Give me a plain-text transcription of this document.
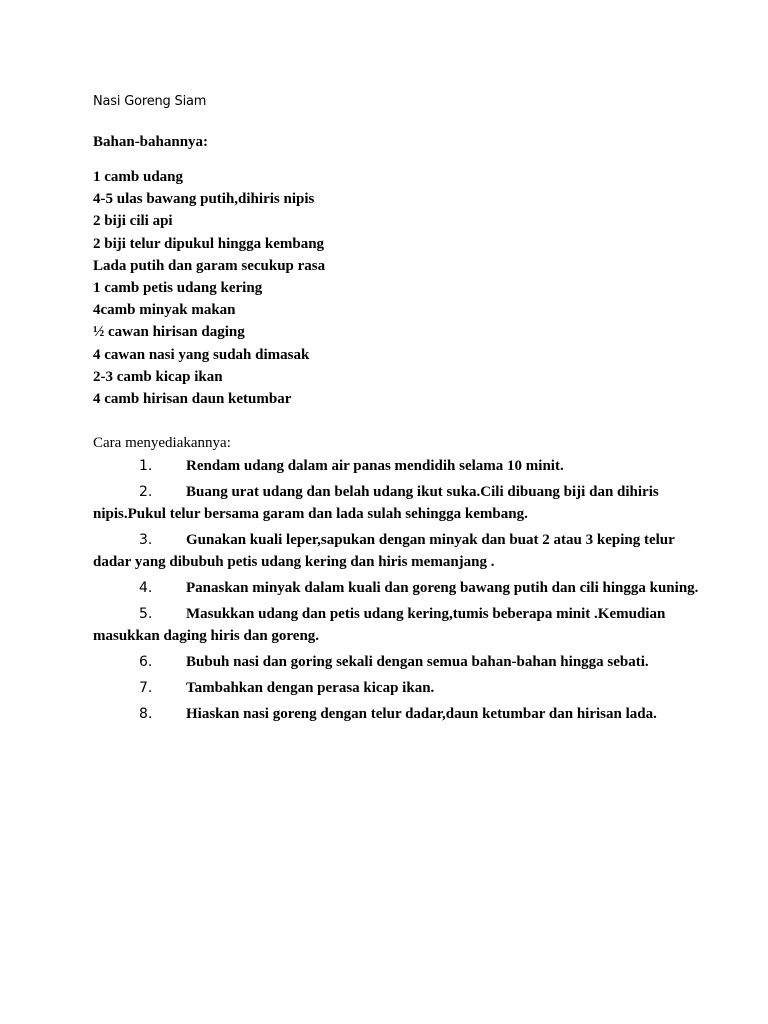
Nasi Goreng Siam
Bahan-bahannya:
1 camb udang
4-5 ulas bawang putih,dihiris nipis
2 biji cili api
2 biji telur dipukul hingga kembang
Lada putih dan garam secukup rasa
1 camb petis udang kering
4camb minyak makan
½ cawan hirisan daging
4 cawan nasi yang sudah dimasak
2-3 camb kicap ikan
4 camb hirisan daun ketumbar
Cara menyediakannya:
1. Rendam udang dalam air panas mendidih selama 10 minit.
2. Buang urat udang dan belah udang ikut suka.Cili dibuang biji dan dihiris nipis.Pukul telur bersama garam dan lada sulah sehingga kembang.
3. Gunakan kuali leper,sapukan dengan minyak dan buat 2 atau 3 keping telur dadar yang dibubuh petis udang kering dan hiris memanjang .
4. Panaskan minyak dalam kuali dan goreng bawang putih dan cili hingga kuning.
5. Masukkan udang dan petis udang kering,tumis beberapa minit .Kemudian masukkan daging hiris dan goreng.
6. Bubuh nasi dan goring sekali dengan semua bahan-bahan hingga sebati.
7. Tambahkan dengan perasa kicap ikan.
8. Hiaskan nasi goreng dengan telur dadar,daun ketumbar dan hirisan lada.
